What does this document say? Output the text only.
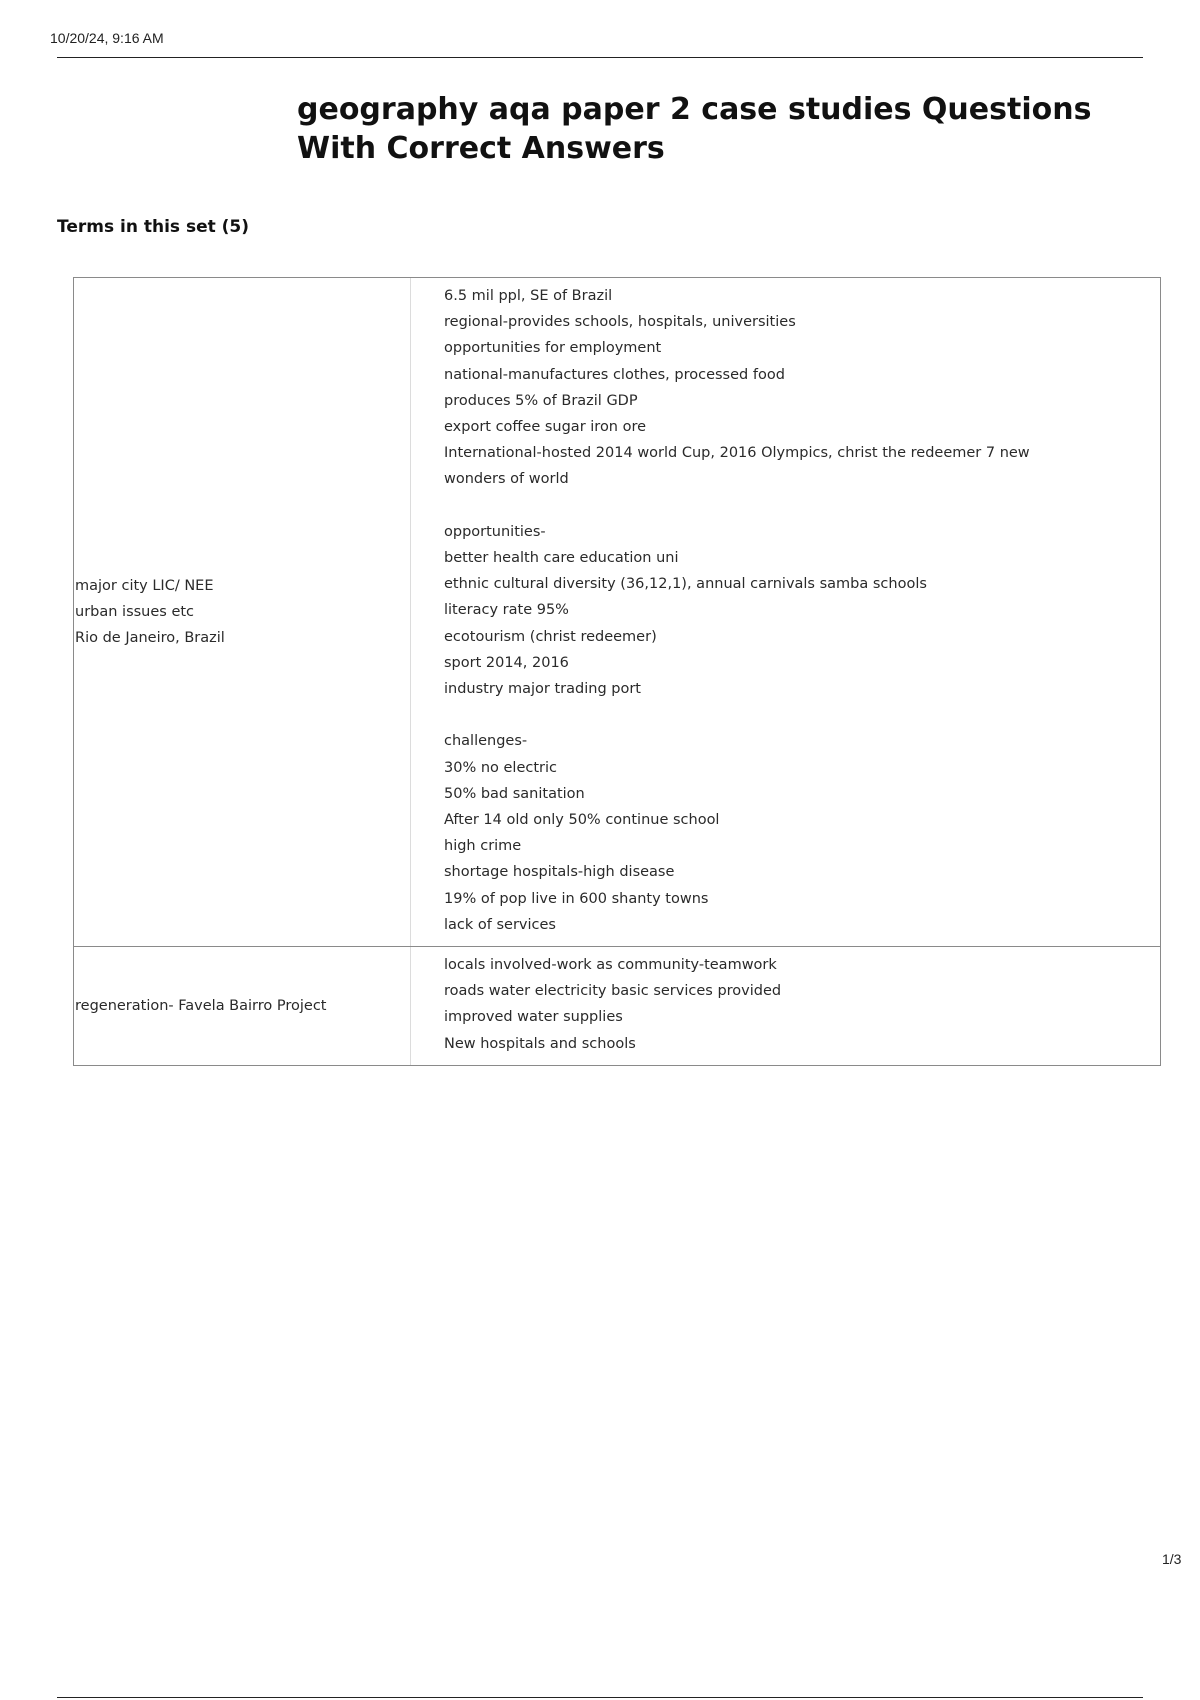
10/20/24, 9:16 AM
geography aqa paper 2 case studies Questions With Correct Answers
Terms in this set (5)
major city LIC/ NEE
urban issues etc
Rio de Janeiro, Brazil
6.5 mil ppl, SE of Brazil
regional-provides schools, hospitals, universities
opportunities for employment
national-manufactures clothes, processed food
produces 5% of Brazil GDP
export coffee sugar iron ore
International-hosted 2014 world Cup, 2016 Olympics, christ the redeemer 7 new
wonders of world
opportunities-
better health care education uni
ethnic cultural diversity (36,12,1), annual carnivals samba schools
literacy rate 95%
ecotourism (christ redeemer)
sport 2014, 2016
industry major trading port
challenges-
30% no electric
50% bad sanitation
After 14 old only 50% continue school
high crime
shortage hospitals-high disease
19% of pop live in 600 shanty towns
lack of services
regeneration- Favela Bairro Project
locals involved-work as community-teamwork
roads water electricity basic services provided
improved water supplies
New hospitals and schools
1/3
